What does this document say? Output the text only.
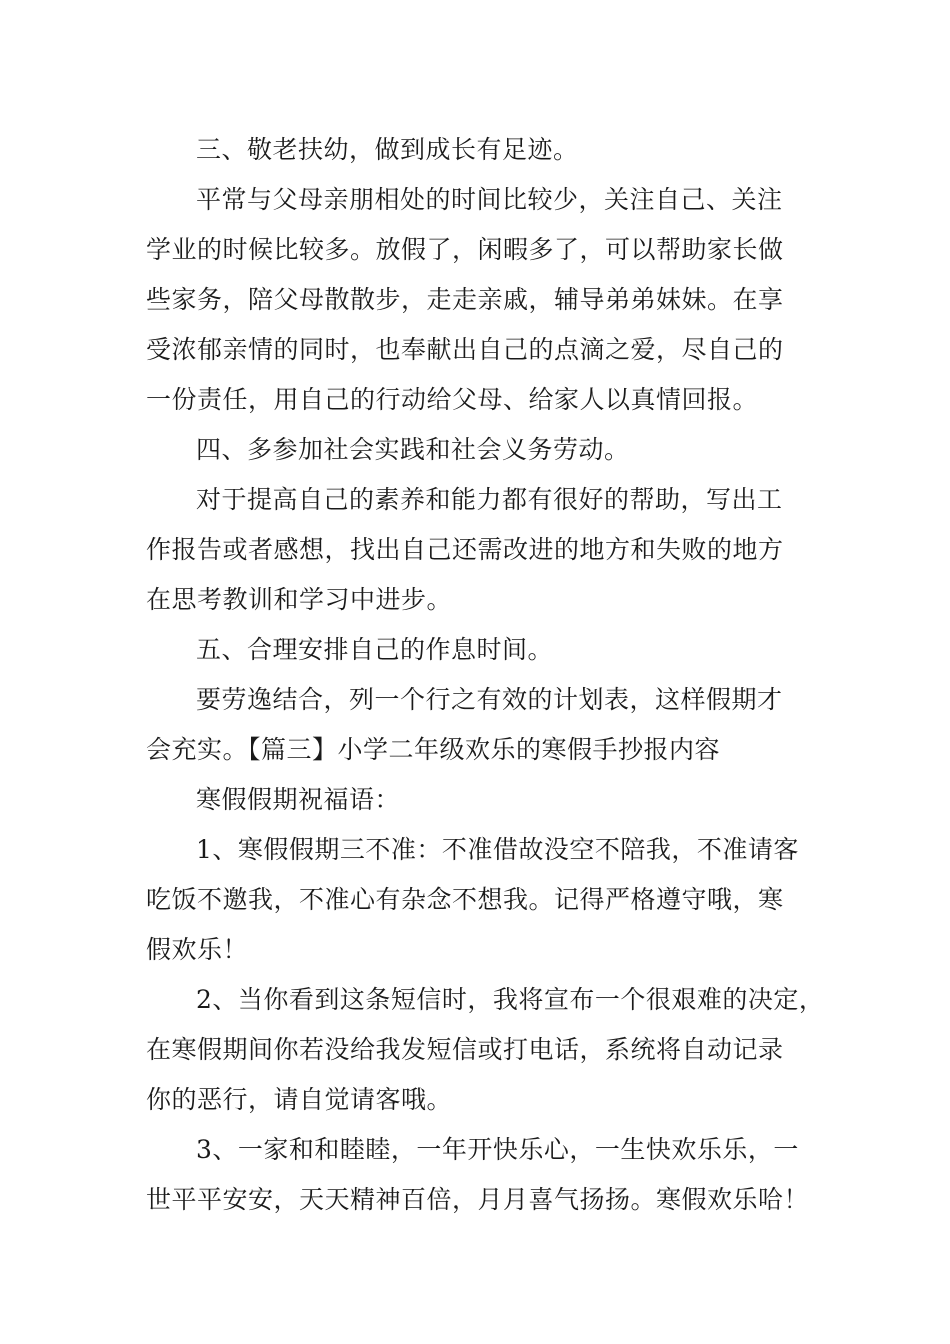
三、敬老扶幼，做到成长有足迹。
平常与父母亲朋相处的时间比较少，关注自己、关注
学业的时候比较多。放假了，闲暇多了，可以帮助家长做
些家务，陪父母散散步，走走亲戚，辅导弟弟妹妹。在享
受浓郁亲情的同时，也奉献出自己的点滴之爱，尽自己的
一份责任，用自己的行动给父母、给家人以真情回报。
四、多参加社会实践和社会义务劳动。
对于提高自己的素养和能力都有很好的帮助，写出工
作报告或者感想，找出自己还需改进的地方和失败的地方
在思考教训和学习中进步。
五、合理安排自己的作息时间。
要劳逸结合，列一个行之有效的计划表，这样假期才
会充实。【篇三】小学二年级欢乐的寒假手抄报内容
寒假假期祝福语：
1、寒假假期三不准：不准借故没空不陪我，不准请客
吃饭不邀我，不准心有杂念不想我。记得严格遵守哦，寒
假欢乐！
2、当你看到这条短信时，我将宣布一个很艰难的决定，
在寒假期间你若没给我发短信或打电话，系统将自动记录
你的恶行，请自觉请客哦。
3、一家和和睦睦，一年开快乐心，一生快欢乐乐，一
世平平安安，天天精神百倍，月月喜气扬扬。寒假欢乐哈！
